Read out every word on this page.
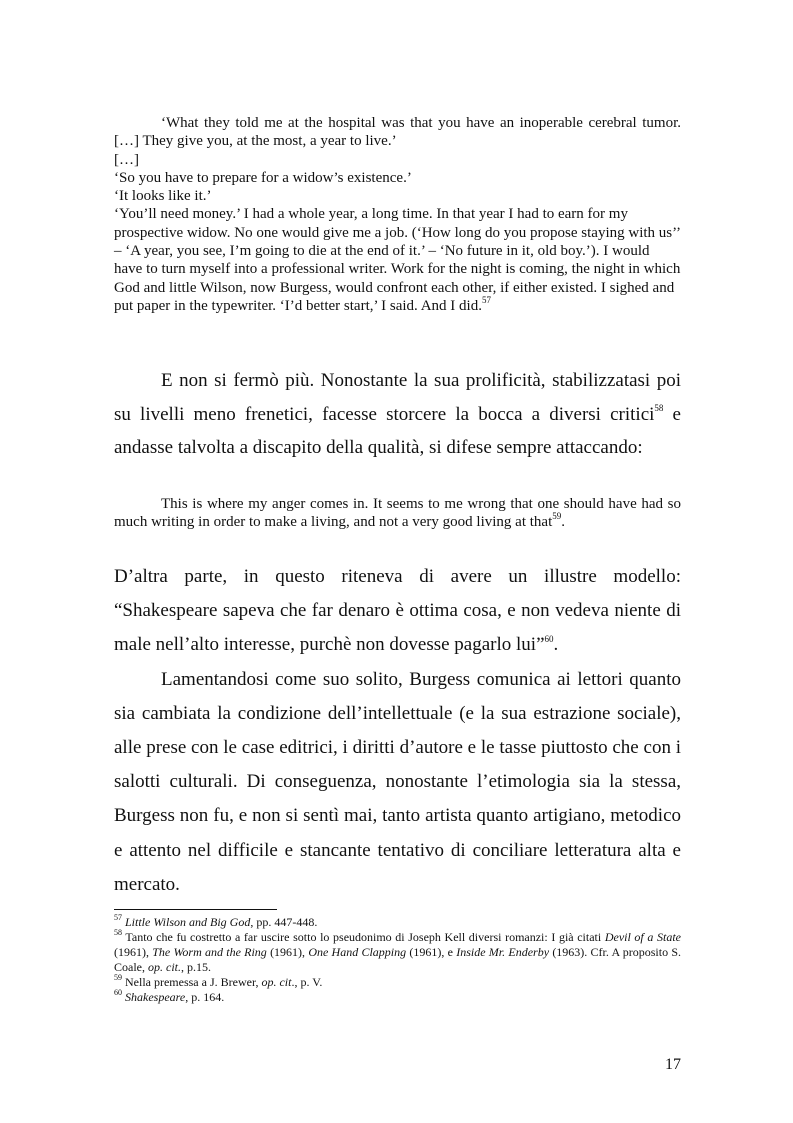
‘What they told me at the hospital was that you have an inoperable cerebral tumor. […] They give you, at the most, a year to live.’

[…]

‘So you have to prepare for a widow’s existence.’

‘It looks like it.’

‘You’ll need money.’ I had a whole year, a long time. In that year I had to earn for my prospective widow. No one would give me a job. (‘How long do you propose staying with us’’ – ‘A year, you see, I’m going to die at the end of it.’ – ‘No future in it, old boy.’). I would have to turn myself into a professional writer. Work for the night is coming, the night in which God and little Wilson, now Burgess, would confront each other, if either existed. I sighed and put paper in the typewriter. ‘I’d better start,’ I said. And I did.$^{57}$

E non si fermò più. Nonostante la sua prolificità, stabilizzatasi poi su livelli meno frenetici, facesse storcere la bocca a diversi critici$^{58}$ e andasse talvolta a discapito della qualità, si difese sempre attaccando:

This is where my anger comes in. It seems to me wrong that one should have had so much writing in order to make a living, and not a very good living at that$^{59}$.

D’altra parte, in questo riteneva di avere un illustre modello: “Shakespeare sapeva che far denaro è ottima cosa, e non vedeva niente di male nell’alto interesse, purchè non dovesse pagarlo lui”$^{60}$.

Lamentandosi come suo solito, Burgess comunica ai lettori quanto sia cambiata la condizione dell’intellettuale (e la sua estrazione sociale), alle prese con le case editrici, i diritti d’autore e le tasse piuttosto che con i salotti culturali. Di conseguenza, nonostante l’etimologia sia la stessa, Burgess non fu, e non si sentì mai, tanto artista quanto artigiano, metodico e attento nel difficile e stancante tentativo di conciliare letteratura alta e mercato.

$^{57}$ Little Wilson and Big God, pp. 447-448.

$^{58}$ Tanto che fu costretto a far uscire sotto lo pseudonimo di Joseph Kell diversi romanzi: I già citati Devil of a State (1961), The Worm and the Ring (1961), One Hand Clapping (1961), e Inside Mr. Enderby (1963). Cfr. A proposito S. Coale, op. cit., p.15.

$^{59}$ Nella premessa a J. Brewer, op. cit., p. V.

$^{60}$ Shakespeare, p. 164.

17
